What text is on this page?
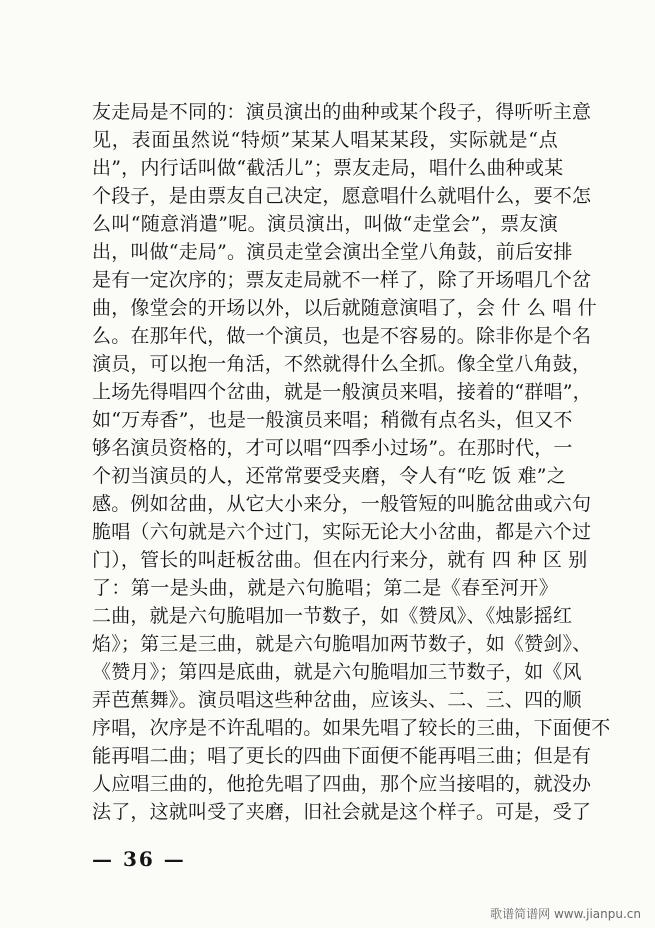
友走局是不同的：演员演出的曲种或某个段子，得听听主意
见，表面虽然说“特烦”某某人唱某某段，实际就是“点
出”，内行话叫做“截活儿”；票友走局，唱什么曲种或某
个段子，是由票友自己决定，愿意唱什么就唱什么，要不怎
么叫“随意消遣”呢。演员演出，叫做“走堂会”，票友演
出，叫做“走局”。演员走堂会演出全堂八角鼓，前后安排
是有一定次序的；票友走局就不一样了，除了开场唱几个岔
曲，像堂会的开场以外，以后就随意演唱了，会 什 么 唱 什
么。在那年代，做一个演员，也是不容易的。除非你是个名
演员，可以抱一角活，不然就得什么全抓。像全堂八角鼓，
上场先得唱四个岔曲，就是一般演员来唱，接着的“群唱”，
如“万寿香”，也是一般演员来唱；稍微有点名头，但又不
够名演员资格的，才可以唱“四季小过场”。在那时代，一
个初当演员的人，还常常要受夹磨，令人有“吃 饭 难”之
感。例如岔曲，从它大小来分，一般管短的叫脆岔曲或六句
脆唱（六句就是六个过门，实际无论大小岔曲，都是六个过
门），管长的叫赶板岔曲。但在内行来分，就有 四 种 区 别
了：第一是头曲，就是六句脆唱；第二是《春至河开》
二曲，就是六句脆唱加一节数子，如《赞凤》、《烛影摇红
焰》；第三是三曲，就是六句脆唱加两节数子，如《赞剑》、
《赞月》；第四是底曲，就是六句脆唱加三节数子，如《风
弄芭蕉舞》。演员唱这些种岔曲，应该头、二、三、四的顺
序唱，次序是不许乱唱的。如果先唱了较长的三曲，下面便不
能再唱二曲；唱了更长的四曲下面便不能再唱三曲；但是有
人应唱三曲的，他抢先唱了四曲，那个应当接唱的，就没办
法了，这就叫受了夹磨，旧社会就是这个样子。可是，受了
— 36 —
歌谱简谱网 www.jianpu.cn
